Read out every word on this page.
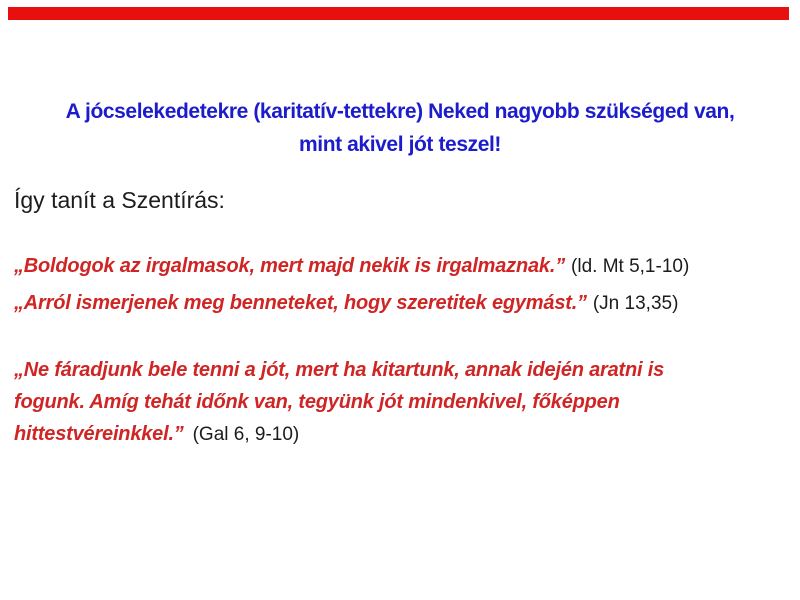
A jócselekedetekre (karitatív-tettekre) Neked nagyobb szükséged van,
mint akivel jót teszel!
Így tanít a Szentírás:
„Boldogok az irgalmasok, mert majd nekik is irgalmaznak.” (ld. Mt 5,1-10)
„Arról ismerjenek meg benneteket, hogy szeretitek egymást.” (Jn 13,35)
„Ne fáradjunk bele tenni a jót, mert ha kitartunk, annak idején aratni is
fogunk. Amíg tehát időnk van, tegyünk jót mindenkivel, főképpen
hittestvéreinkkel.” (Gal 6, 9-10)
